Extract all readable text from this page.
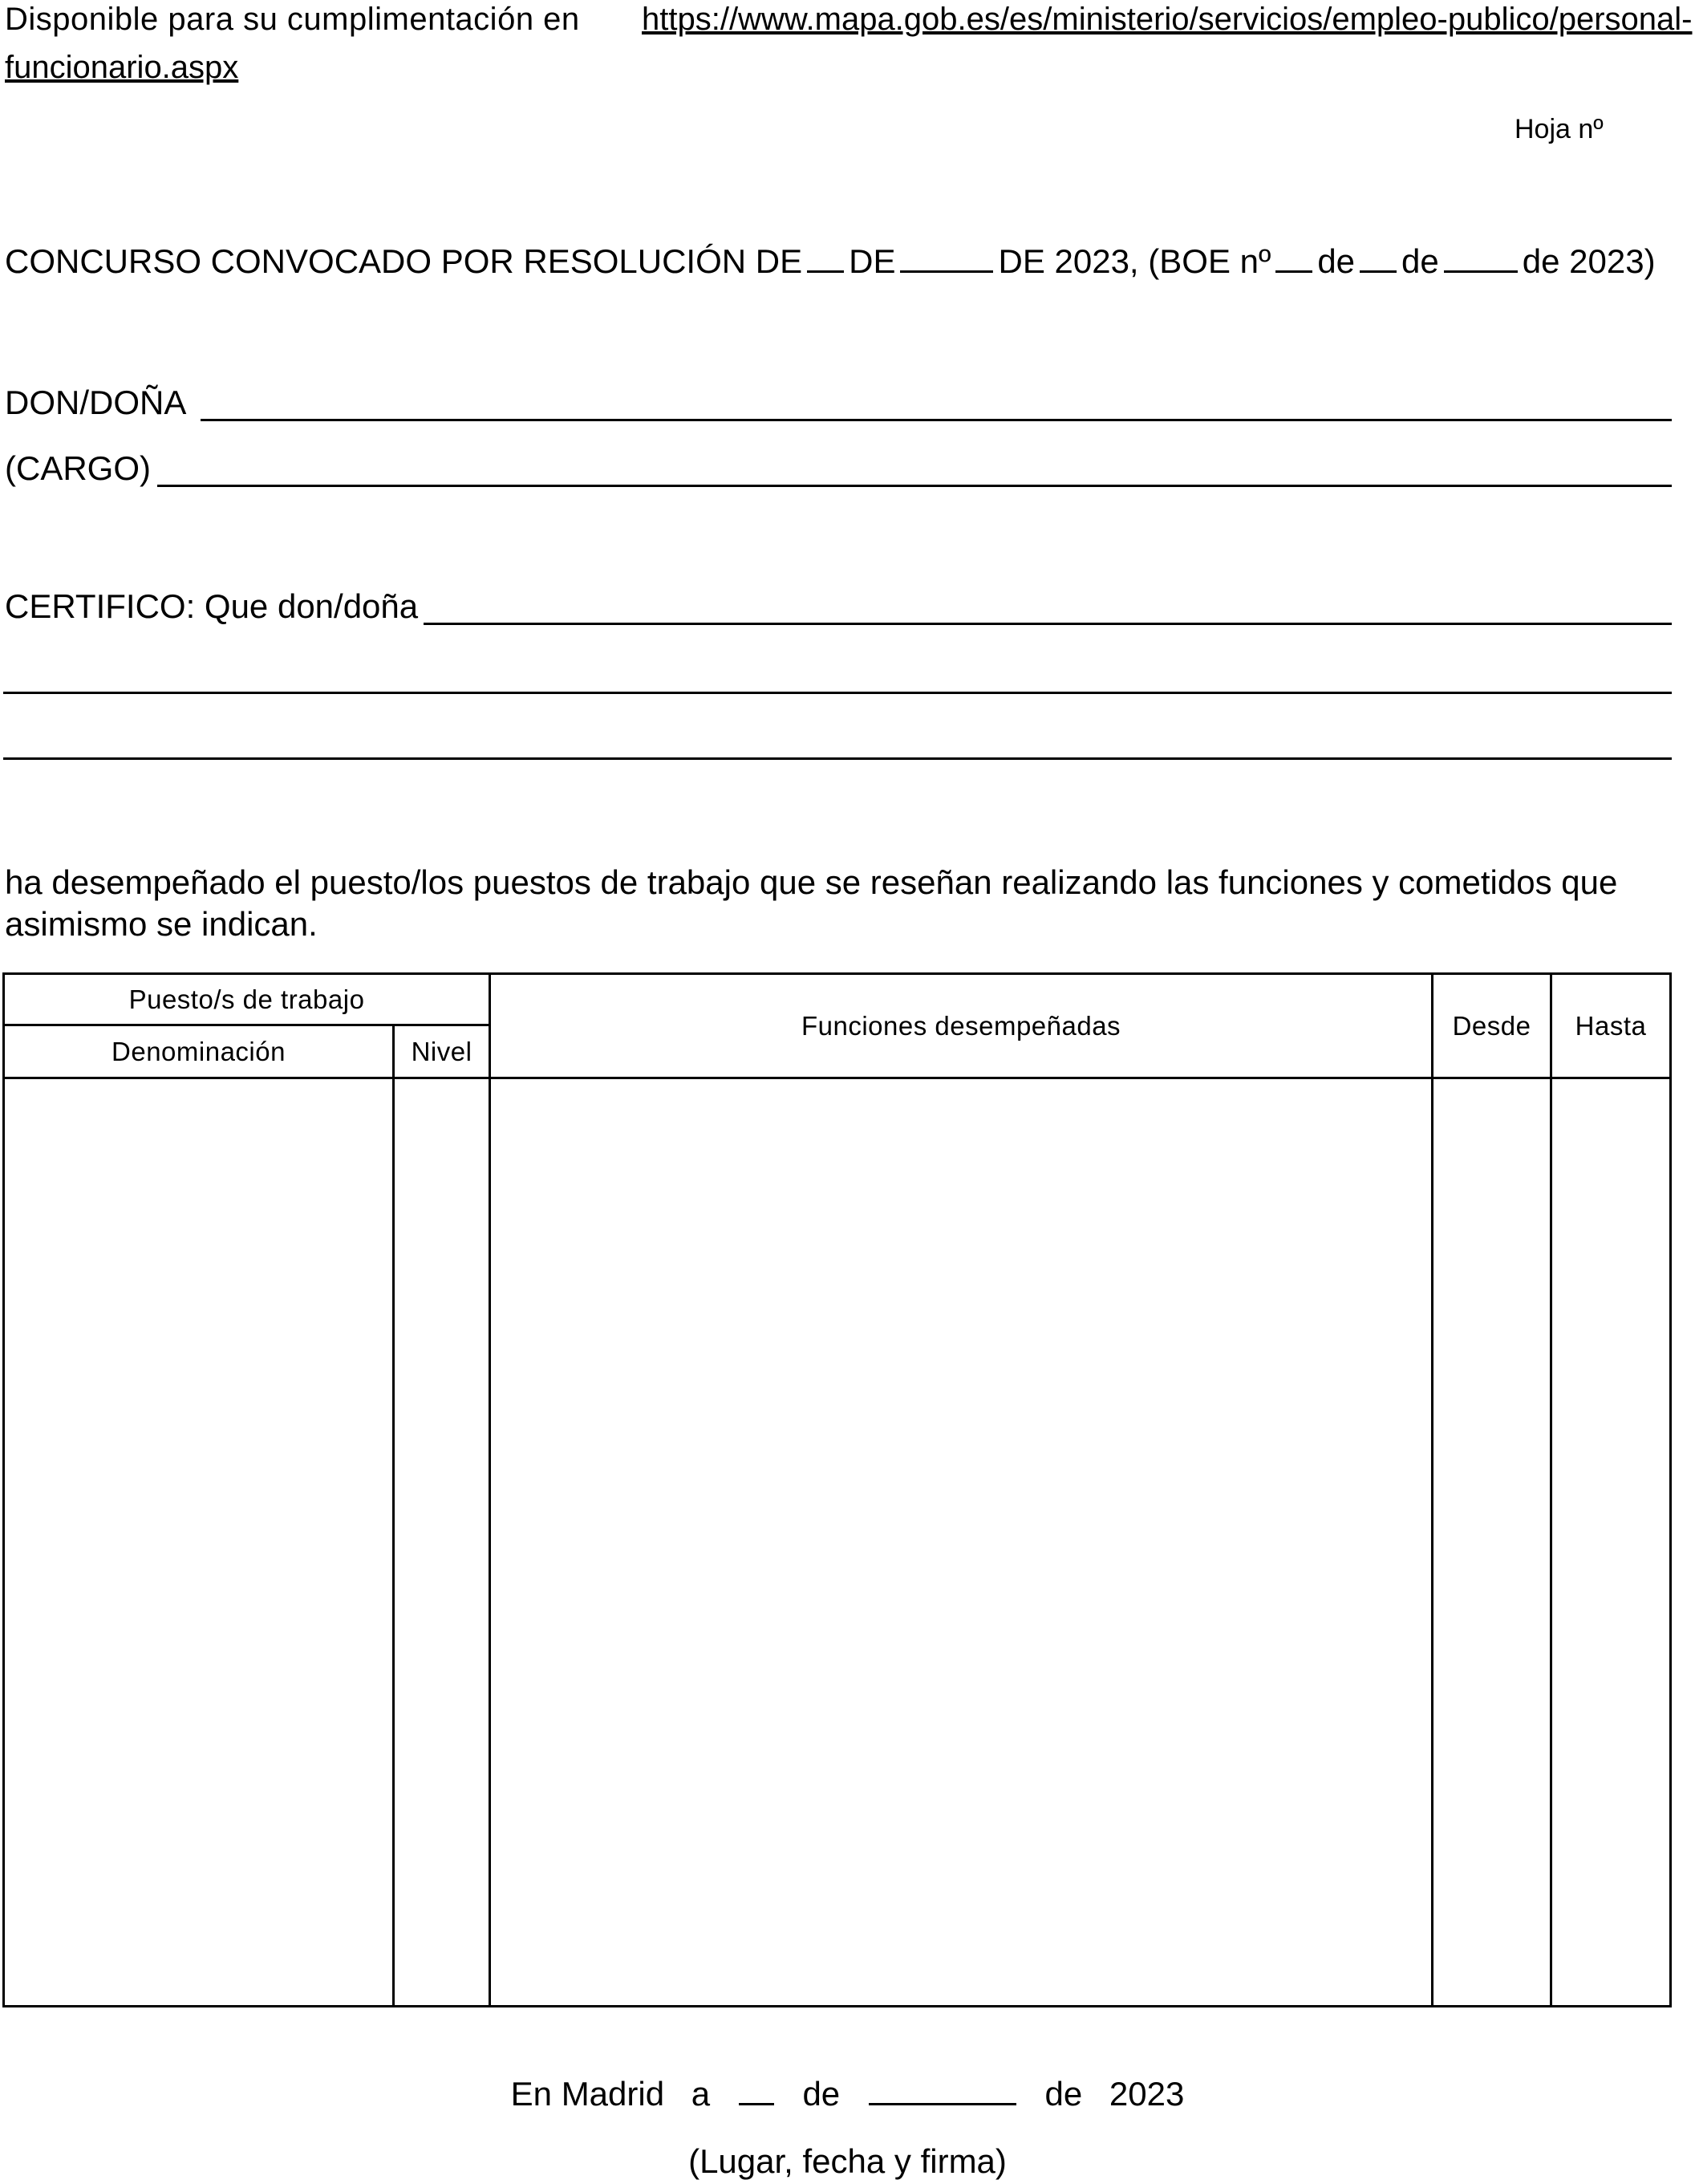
Disponible para su cumplimentación en https://www.mapa.gob.es/es/ministerio/servicios/empleo-publico/personal-
funcionario.aspx
Hoja nº
CONCURSO CONVOCADO POR RESOLUCIÓN DE DE	DE 2023, (BOE nº de de de 2023)
DON/DOÑA
(CARGO)
CERTIFICO: Que don/doña
ha desempeñado el puesto/los puestos de trabajo que se reseñan realizando las funciones y cometidos que asimismo se indican.
Puesto/s de trabajo		Funciones desempeñadas	Desde	Hasta
Denominación	Nivel			

En Madrid a	de	de 2023
(Lugar, fecha y firma)
